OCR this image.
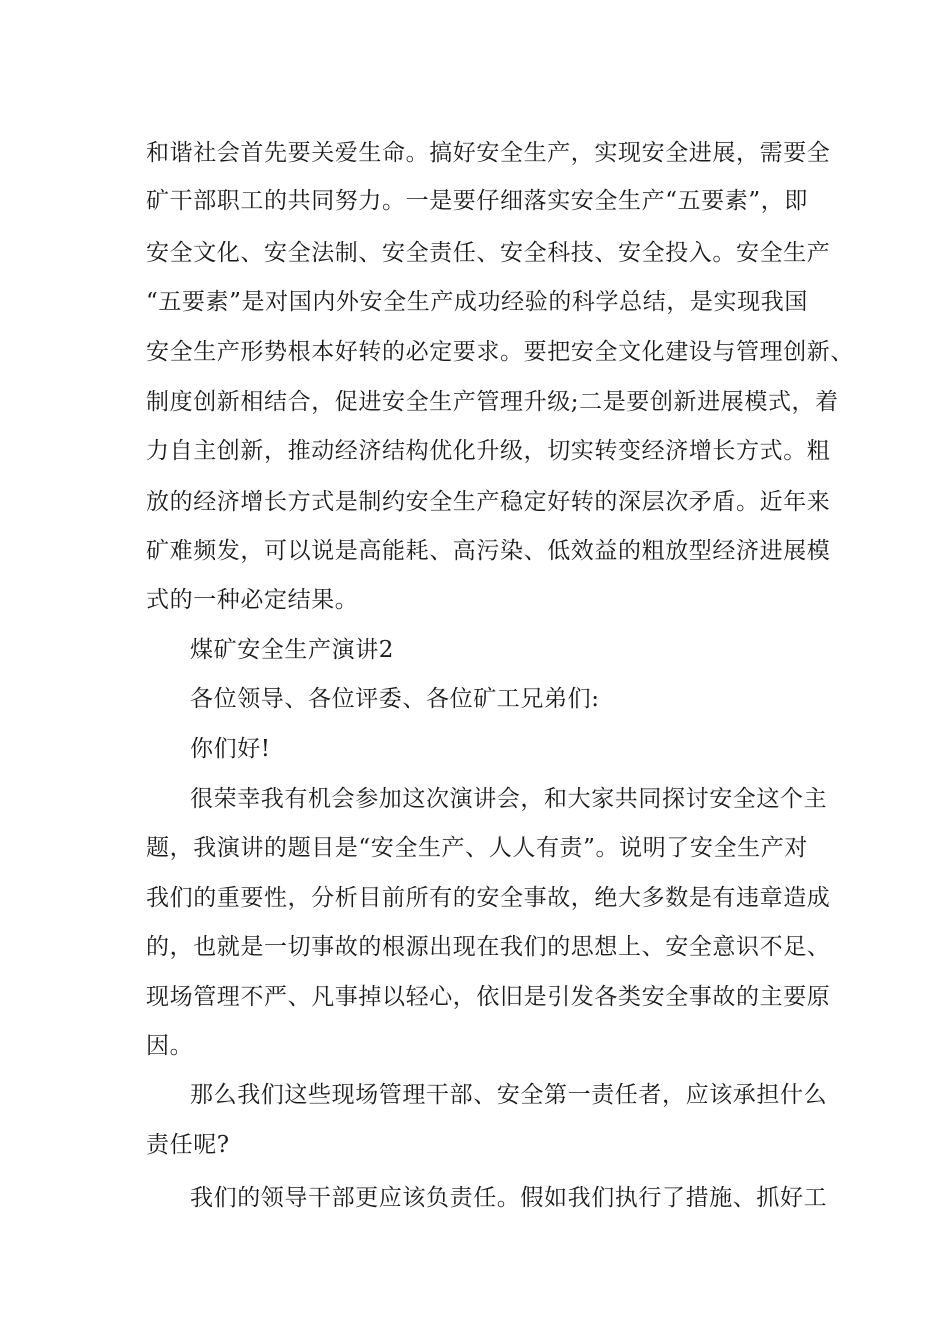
和谐社会首先要关爱生命。搞好安全生产，实现安全进展，需要全
矿干部职工的共同努力。一是要仔细落实安全生产“五要素”，即
安全文化、安全法制、安全责任、安全科技、安全投入。安全生产
“五要素”是对国内外安全生产成功经验的科学总结，是实现我国
安全生产形势根本好转的必定要求。要把安全文化建设与管理创新、
制度创新相结合，促进安全生产管理升级;二是要创新进展模式，着
力自主创新，推动经济结构优化升级，切实转变经济增长方式。粗
放的经济增长方式是制约安全生产稳定好转的深层次矛盾。近年来
矿难频发，可以说是高能耗、高污染、低效益的粗放型经济进展模
式的一种必定结果。
煤矿安全生产演讲2
各位领导、各位评委、各位矿工兄弟们:
你们好!
很荣幸我有机会参加这次演讲会，和大家共同探讨安全这个主
题，我演讲的题目是“安全生产、人人有责”。说明了安全生产对
我们的重要性，分析目前所有的安全事故，绝大多数是有违章造成
的，也就是一切事故的根源出现在我们的思想上、安全意识不足、
现场管理不严、凡事掉以轻心，依旧是引发各类安全事故的主要原
因。
那么我们这些现场管理干部、安全第一责任者，应该承担什么
责任呢?
我们的领导干部更应该负责任。假如我们执行了措施、抓好工
